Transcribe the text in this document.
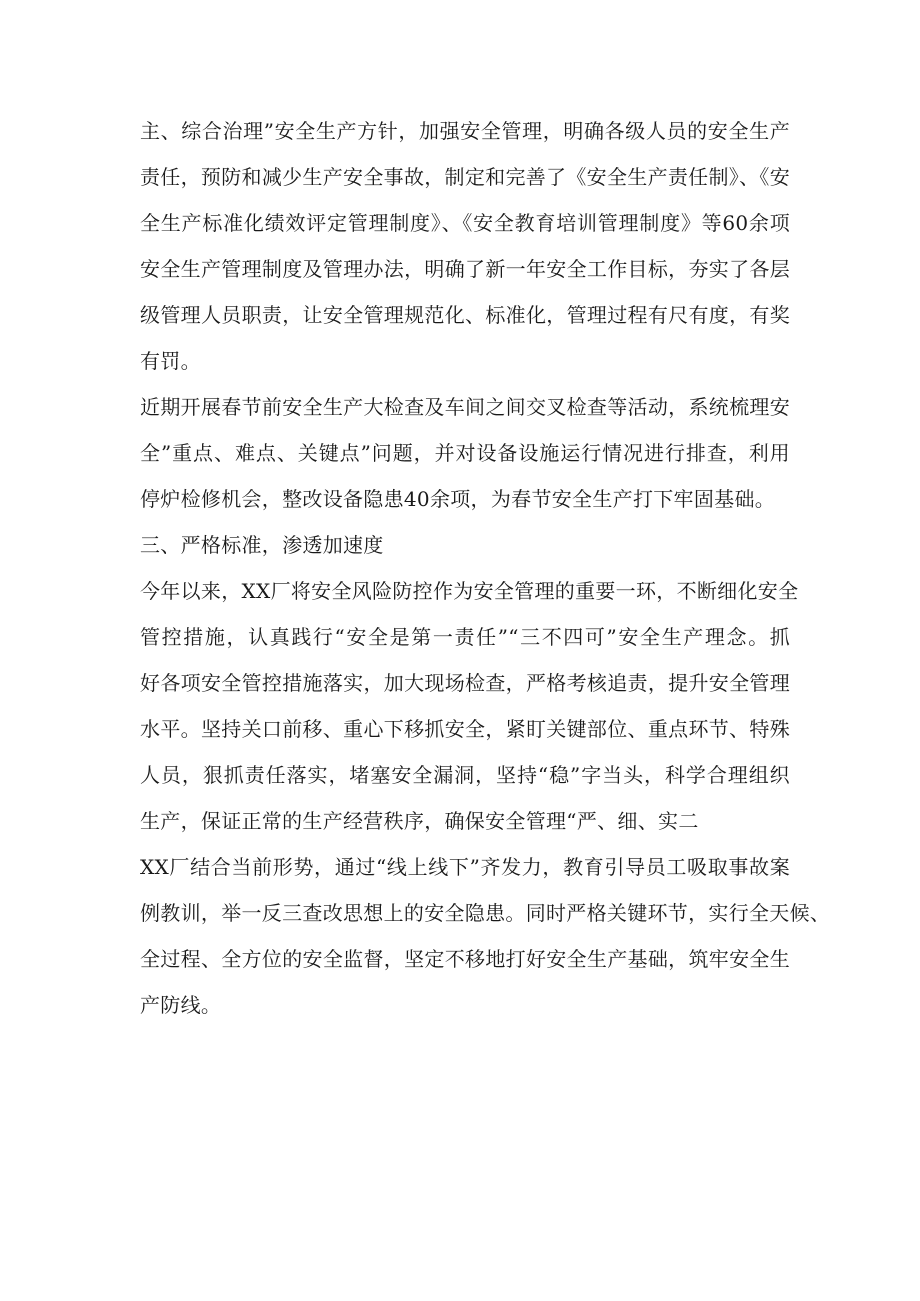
主、综合治理”安全生产方针，加强安全管理，明确各级人员的安全生产
责任，预防和减少生产安全事故，制定和完善了《安全生产责任制》、《安
全生产标准化绩效评定管理制度》、《安全教育培训管理制度》等60余项
安全生产管理制度及管理办法，明确了新一年安全工作目标，夯实了各层
级管理人员职责，让安全管理规范化、标准化，管理过程有尺有度，有奖
有罚。
近期开展春节前安全生产大检查及车间之间交叉检查等活动，系统梳理安
全”重点、难点、关键点”问题，并对设备设施运行情况进行排查，利用
停炉检修机会，整改设备隐患40余项，为春节安全生产打下牢固基础。
三、严格标准，渗透加速度
今年以来，XX厂将安全风险防控作为安全管理的重要一环，不断细化安全
管控措施，认真践行“安全是第一责任”“三不四可”安全生产理念。抓
好各项安全管控措施落实，加大现场检查，严格考核追责，提升安全管理
水平。坚持关口前移、重心下移抓安全，紧盯关键部位、重点环节、特殊
人员，狠抓责任落实，堵塞安全漏洞，坚持“稳”字当头，科学合理组织
生产，保证正常的生产经营秩序，确保安全管理“严、细、实二
XX厂结合当前形势，通过“线上线下”齐发力，教育引导员工吸取事故案
例教训，举一反三查改思想上的安全隐患。同时严格关键环节，实行全天候、
全过程、全方位的安全监督，坚定不移地打好安全生产基础，筑牢安全生
产防线。
